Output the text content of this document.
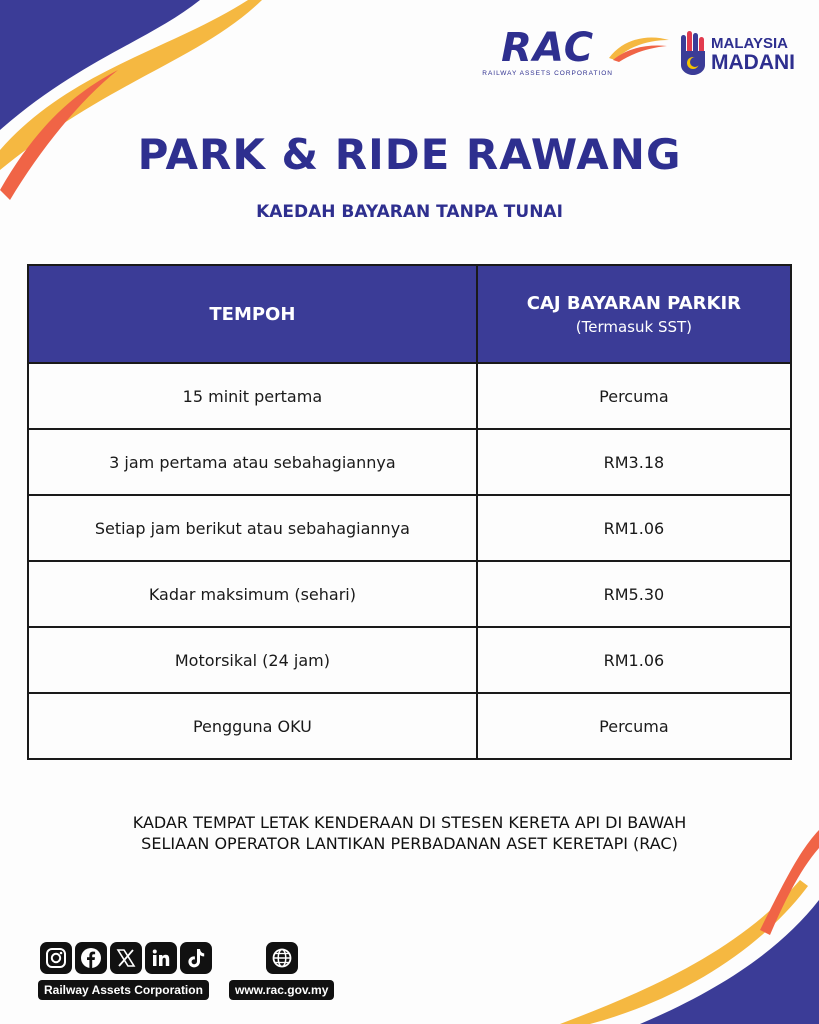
RAC
RAILWAY ASSETS CORPORATION
MALAYSIA
MADANI
PARK & RIDE RAWANG
KAEDAH BAYARAN TANPA TUNAI
TEMPOH	CAJ BAYARAN PARKIR
(Termasuk SST)

15 minit pertama	Percuma
3 jam pertama atau sebahagiannya	RM3.18
Setiap jam berikut atau sebahagiannya	RM1.06
Kadar maksimum (sehari)	RM5.30
Motorsikal (24 jam)	RM1.06
Pengguna OKU	Percuma
KADAR TEMPAT LETAK KENDERAAN DI STESEN KERETA API DI BAWAH
SELIAAN OPERATOR LANTIKAN PERBADANAN ASET KERETAPI (RAC)
Railway Assets Corporation	www.rac.gov.my
